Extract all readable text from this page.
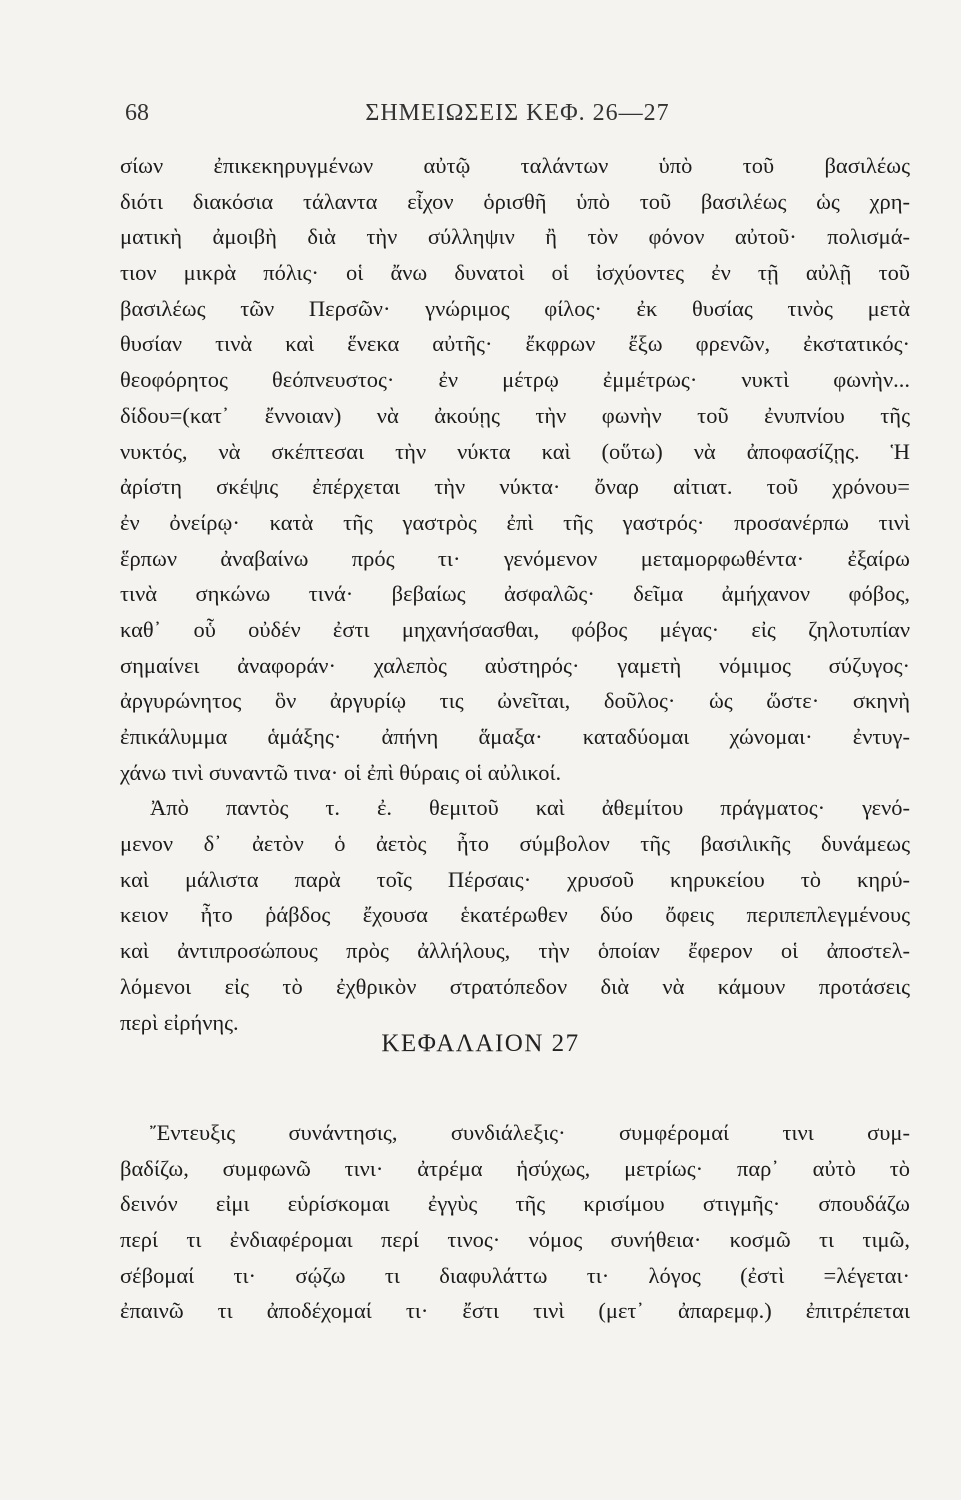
68	ΣΗΜΕΙΩΣΕΙΣ ΚΕΦ. 26—27
σίων ἐπικεκηρυγμένων αὐτῷ ταλάντων ὑπὸ τοῦ βασιλέως
διότι διακόσια τάλαντα εἶχον ὁρισθῆ ὑπὸ τοῦ βασιλέως ὡς χρη-
ματικὴ ἀμοιβὴ διὰ τὴν σύλληψιν ἢ τὸν φόνον αὐτοῦ· πολισμά-
τιον μικρὰ πόλις· οἱ ἄνω δυνατοὶ οἱ ἰσχύοντες ἐν τῇ αὐλῇ τοῦ
βασιλέως τῶν Περσῶν· γνώριμος φίλος· ἐκ θυσίας τινὸς μετὰ
θυσίαν τινὰ καὶ ἕνεκα αὐτῆς· ἔκφρων ἔξω φρενῶν, ἐκστατικός·
θεοφόρητος θεόπνευστος· ἐν μέτρῳ ἐμμέτρως· νυκτὶ φωνὴν...
δίδου=(κατ᾿ ἔννοιαν) νὰ ἀκούῃς τὴν φωνὴν τοῦ ἐνυπνίου τῆς
νυκτός, νὰ σκέπτεσαι τὴν νύκτα καὶ (οὕτω) νὰ ἀποφασίζῃς. Ἡ
ἀρίστη σκέψις ἐπέρχεται τὴν νύκτα· ὄναρ αἰτιατ. τοῦ χρόνου=
ἐν ὀνείρῳ· κατὰ τῆς γαστρὸς ἐπὶ τῆς γαστρός· προσανέρπω τινὶ
ἕρπων ἀναβαίνω πρός τι· γενόμενον μεταμορφωθέντα· ἐξαίρω
τινὰ σηκώνω τινά· βεβαίως ἀσφαλῶς· δεῖμα ἀμήχανον φόβος,
καθ᾿ οὗ οὐδέν ἐστι μηχανήσασθαι, φόβος μέγας· εἰς ζηλοτυπίαν
σημαίνει ἀναφοράν· χαλεπὸς αὐστηρός· γαμετὴ νόμιμος σύζυγος·
ἀργυρώνητος ὃν ἀργυρίῳ τις ὠνεῖται, δοῦλος· ὡς ὥστε· σκηνὴ
ἐπικάλυμμα ἁμάξης· ἀπήνη ἅμαξα· καταδύομαι χώνομαι· ἐντυγ-
χάνω τινὶ συναντῶ τινα· οἱ ἐπὶ θύραις οἱ αὐλικοί.
Ἀπὸ παντὸς τ. ἐ. θεμιτοῦ καὶ ἀθεμίτου πράγματος· γενό-
μενον δ᾿ ἀετὸν ὁ ἀετὸς ἦτο σύμβολον τῆς βασιλικῆς δυνάμεως
καὶ μάλιστα παρὰ τοῖς Πέρσαις· χρυσοῦ κηρυκείου τὸ κηρύ-
κειον ἦτο ῥάβδος ἔχουσα ἑκατέρωθεν δύο ὄφεις περιπεπλεγμένους
καὶ ἀντιπροσώπους πρὸς ἀλλήλους, τὴν ὁποίαν ἔφερον οἱ ἀποστελ-
λόμενοι εἰς τὸ ἐχθρικὸν στρατόπεδον διὰ νὰ κάμουν προτάσεις
περὶ εἰρήνης.
ΚΕΦΑΛΑΙΟΝ 27
Ἔντευξις συνάντησις, συνδιάλεξις· συμφέρομαί τινι συμ-
βαδίζω, συμφωνῶ τινι· ἀτρέμα ἡσύχως, μετρίως· παρ᾿ αὐτὸ τὸ
δεινόν εἰμι εὑρίσκομαι ἐγγὺς τῆς κρισίμου στιγμῆς· σπουδάζω
περί τι ἐνδιαφέρομαι περί τινος· νόμος συνήθεια· κοσμῶ τι τιμῶ,
σέβομαί τι· σῴζω τι διαφυλάττω τι· λόγος (ἐστὶ =λέγεται·
ἐπαινῶ τι ἀποδέχομαί τι· ἔστι τινὶ (μετ᾿ ἀπαρεμφ.) ἐπιτρέπεται
